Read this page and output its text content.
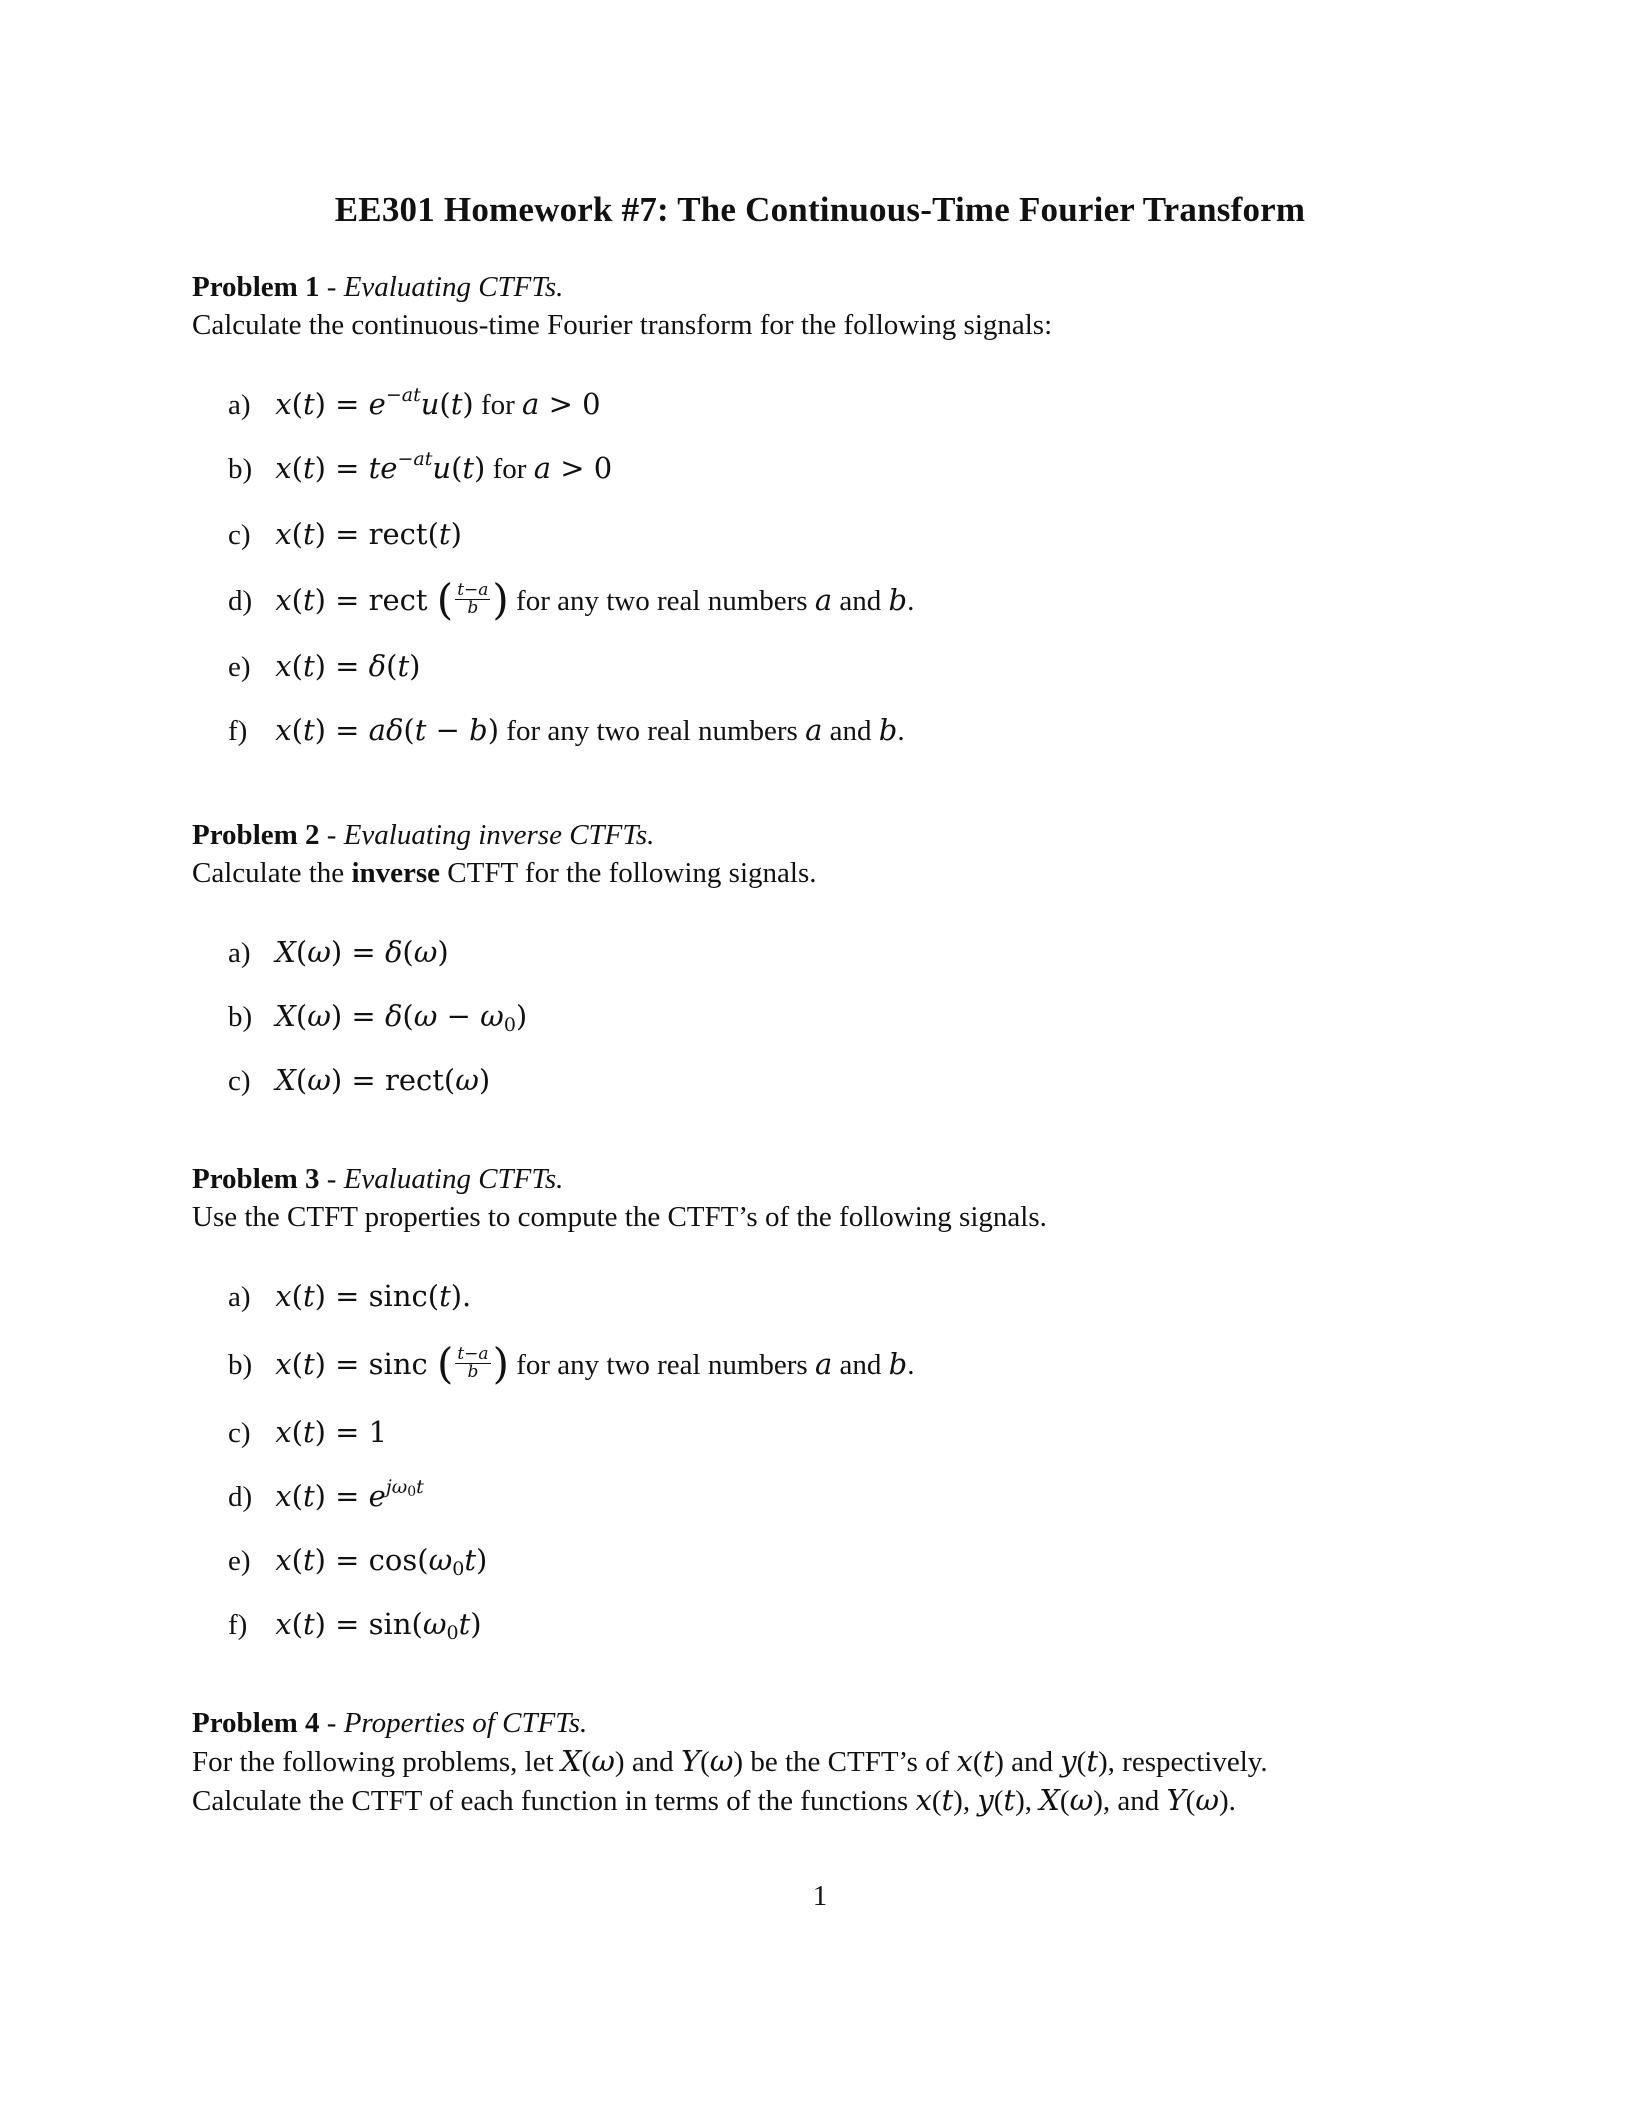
EE301 Homework #7: The Continuous-Time Fourier Transform
Problem 1 - Evaluating CTFTs.
Calculate the continuous-time Fourier transform for the following signals:
a) $x(t) = e^{-at}u(t)$ for a > 0
b) $x(t) = te^{-at}u(t)$ for a > 0
c) x(t) = rect(t)
d) x(t) = rect ( $\frac{t-a}{b}$ ) for any two real numbers a and b.
e) x(t) = δ(t)
f) x(t) = aδ(t − b) for any two real numbers a and b.
Problem 2 - Evaluating inverse CTFTs.
Calculate the inverse CTFT for the following signals.
a) X(ω) = δ(ω)
b) $X(\omega) = \delta(\omega - \omega_0)$
c) X(ω) = rect(ω)
Problem 3 - Evaluating CTFTs.
Use the CTFT properties to compute the CTFT’s of the following signals.
a) x(t) = sinc(t).
b) x(t) = sinc ( $\frac{t-a}{b}$ ) for any two real numbers a and b.
c) x(t) = 1
d) $x(t) = e^{j\omega_0t}$
e) $x(t) = \cos(\omega_0t)$
f) $x(t) = \sin(\omega_0t)$
Problem 4 - Properties of CTFTs.
For the following problems, let X(ω) and Y(ω) be the CTFT’s of x(t) and y(t), respectively.
Calculate the CTFT of each function in terms of the functions x(t), y(t), X(ω), and Y(ω).
1
